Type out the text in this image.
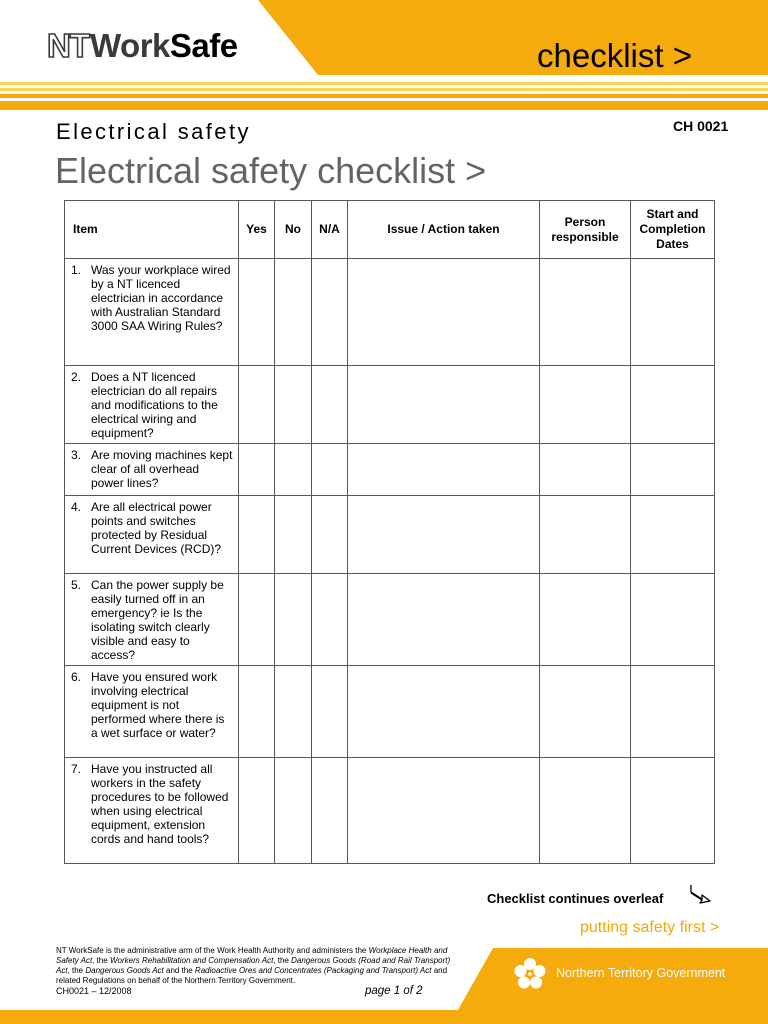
NTWorkSafe	checklist >
CH 0021
Electrical safety
Electrical safety checklist >
Item	Yes	No	N/A	Issue / Action taken	Person responsible	Start and Completion Dates

1. Was your workplace wired by a NT licenced electrician in accordance with Australian Standard 3000 SAA Wiring Rules?						

2. Does a NT licenced electrician do all repairs and modifications to the electrical wiring and equipment?						

3. Are moving machines kept clear of all overhead power lines?						

4. Are all electrical power points and switches protected by Residual Current Devices (RCD)?						

5. Can the power supply be easily turned off in an emergency? ie Is the isolating switch clearly visible and easy to access?						

6. Have you ensured work involving electrical equipment is not performed where there is a wet surface or water?						

7. Have you instructed all workers in the safety procedures to be followed when using electrical equipment, extension cords and hand tools?						

Checklist continues overleaf
putting safety first >
NT WorkSafe is the administrative arm of the Work Health Authority and administers the Workplace Health and Safety Act, the Workers Rehabilitation and Compensation Act, the Dangerous Goods (Road and Rail Transport) Act, the Dangerous Goods Act and the Radioactive Ores and Concentrates (Packaging and Transport) Act and related Regulations on behalf of the Northern Territory Government.
CH0021 – 12/2008	page 1 of 2
Northern Territory Government
